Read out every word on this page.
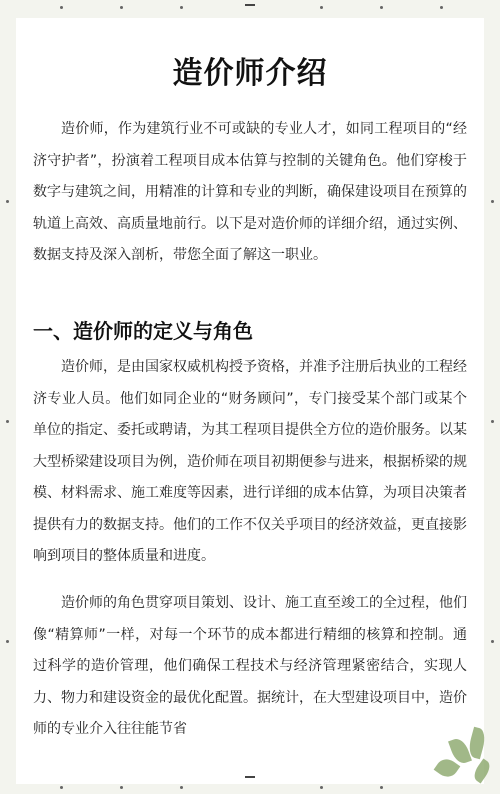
造价师介绍

造价师，作为建筑行业不可或缺的专业人才，如同工程项目的“经济守护者”，扮演着工程项目成本估算与控制的关键角色。他们穿梭于数字与建筑之间，用精准的计算和专业的判断，确保建设项目在预算的轨道上高效、高质量地前行。以下是对造价师的详细介绍，通过实例、数据支持及深入剖析，带您全面了解这一职业。

一、造价师的定义与角色

造价师，是由国家权威机构授予资格，并准予注册后执业的工程经济专业人员。他们如同企业的“财务顾问”，专门接受某个部门或某个单位的指定、委托或聘请，为其工程项目提供全方位的造价服务。以某大型桥梁建设项目为例，造价师在项目初期便参与进来，根据桥梁的规模、材料需求、施工难度等因素，进行详细的成本估算，为项目决策者提供有力的数据支持。他们的工作不仅关乎项目的经济效益，更直接影响到项目的整体质量和进度。

造价师的角色贯穿项目策划、设计、施工直至竣工的全过程，他们像“精算师”一样，对每一个环节的成本都进行精细的核算和控制。通过科学的造价管理，他们确保工程技术与经济管理紧密结合，实现人力、物力和建设资金的最优化配置。据统计，在大型建设项目中，造价师的专业介入往往能节省
